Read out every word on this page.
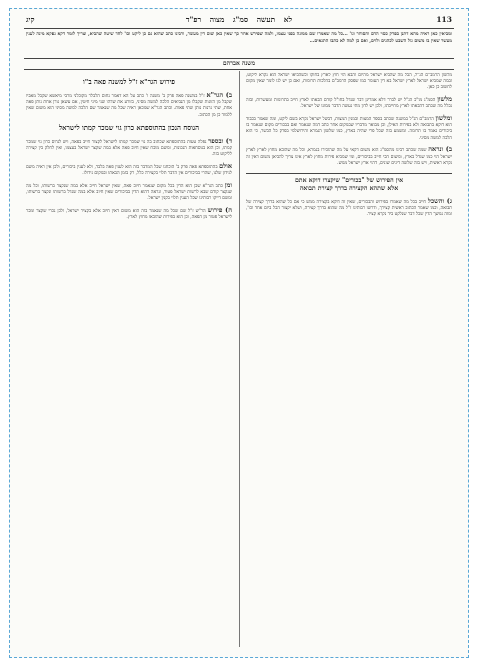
113
לא תעשה סמ"ג מצוה רפ"ד
קיג
ומביאין כאן ראיה מהא דתנן בפרק כסוי הדם והסוחר וגו' ...כל מה שאמרו שם ממונה בפני עצמו, ולמה שפירש אחר כך שאין כאן שום דין מעשר, ורבינו כתב שהוא גם כן ליקט וכו' לחד שיטה שהביא, וצריך לומר דקא נפקא מינה לענין מעשר שאין בו משום גזל השבט לכהנים ולוים, ואם כן למה לא כתבו התנאים...
משנה אברהם

מלשון הרמב"ם הנ"ל, הבל מה שהביא ישראל מהיום והבא הוי חוץ לארץ בחוקו וכשהביאו ישראל הוא נקרא ליקוט, ובמה שמביא ישראל לארץ ישראל בא דין העומר כמו שפסק הרמב"ם בהלכות תרומות, ואם כן יש לנו לומר שאין מקום לחשוב כן כאן.

מלשון הסמ"ג מו"כ הנ"ל יש לברר דלא אמרינן דבר שגדל בחו"ל קודם הבאתו לארץ חייב בתרומות ומעשרות, ובזה נכלל מה שכתב דהבאתו לארץ מחייבתו, ולכן יש לדון מתי נעשה הדבר ממונו של ישראל.

ומלשון הרמב"ם הנ"ל במשנה שכתב בספר המצות ובמנין המצות, דבשל ישראל נקרא בשם ליקט, ומה שאמר בכבוד הוא דוקא בתבואה ולא בפירות האילן, וכן מבואר מדבריו שבמקום אחר כתב דמה שנאמר ואם בבכורים מקום שנאמר בו ביכורים נאמר בו תרומה. ומשמע בזה שכל פרי שהיה בארץ, כמו שלשון הגמרא והירושלמי בפרק כל הבשר, כי הוא הלכה למשה מסיני.

ב) ונראה שמה שכתב רבינו מהסמ"ג הוא משום דקאי על מה שהזכירו בגמרא, וכל מה שהובא מחוץ לארץ לארץ ישראל הוי כמו שגדל בארץ, ומשום הכי חייב בביכורים, ומי שמביא פירות מחוץ לארץ אינו צריך להביאן משום דאין זה נקרא ראשית, ויש בזה שלשה דינים שונים, דהוי ארץ ישראל ממש.

אין הפירוש של "בכורים" שיקצרו דוקא אתם
אלא שתהא הקצירה בדרך קצירת תבואה

ג) והשכל חייב בכל מה שאמרו בפירוש והבכורים, שאין זה דוקא בקצירה ממש כי אם כל שהוא בדרך קצירה של תבואה, וכמו שאמר הכתוב ראשית קצירך, ודרשו רבותינו ז"ל מה שהוא בדרך קצירה, ושלא יקצור הכל ביום אחד וכו', ומזה נמשך הדין שכל דבר שנלקט ביד נקרא קציר.

פירוש הגר"א ז"ל למשנה פאה ב"ו

ב) הגר"א ז"ל במשנה פאה פרק ב' משנה ו' כתב על הא דאמר נחום הלבלר מקובלני מרבי מיאשא שקבל מאביו שקבל מן הזוגות שקבלו מן הנביאים הלכה למשה מסיני, בזורע את שדהו שני מיני חיטין, אם עשאן גורן אחת נותן פאה אחת, שתי גרנות נותן שתי פאות. וכתב הגר"א שמכאן ראיה שכל מה שנאמר שם הלכה למשה מסיני הוא משום שאין ללמוד כן מן הכתוב.

הנוסח הנכון בהתוספתא כרון גוי שמכר קמתו לישראל

ד) ובספר נפלה טעות בהתוספתא שכתוב בה גוי שמכר קמתו לישראל לקצור חייב בפאה, ויש לגרוס כרון גוי שמכר קמתו, וכן הוא בנוסחאות הנכונות, ומשם מוכח שאין חיוב פאה אלא במה שקצר ישראל בעצמו, ואין לחלק בין קצירה לליקוט בזה.

אולם בהתוספתא פאה פרק ב' הוכחנו שכל המדבר בזה הוא לענין פאה בלבד, ולא לענין ביכורים, ולכן אין ראיה משם לנידון שלנו, שהרי בביכורים אין הדבר תלוי בקצירה כלל, רק בזמן הבאתו ובמקום גידולו.

ומן כתב הגר"א שכן הוא הדין בכל מקום שנאמר חיוב פאה, שאין ישראל חייב אלא במה שנקצר ברשותו, וכל מה שנקצר קודם שבא לרשות ישראל פטור, ונראה דהוא הדין בביכורים שאין חיוב אלא במה שגדל ברשותו ונקצר ברשותו, ומשם דייקו רבותינו שכל הענין תלוי בקנין ישראל.

ה) פירוש הר"ש ז"ל שם שכל מה שנאמר בזה הוא משום דאין חיוב אלא בקציר ישראל, ולכן נכרי שקצר ומכר לישראל פטור מן הפאה, וכן הוא בפירות שהובאו מחוץ לארץ.
